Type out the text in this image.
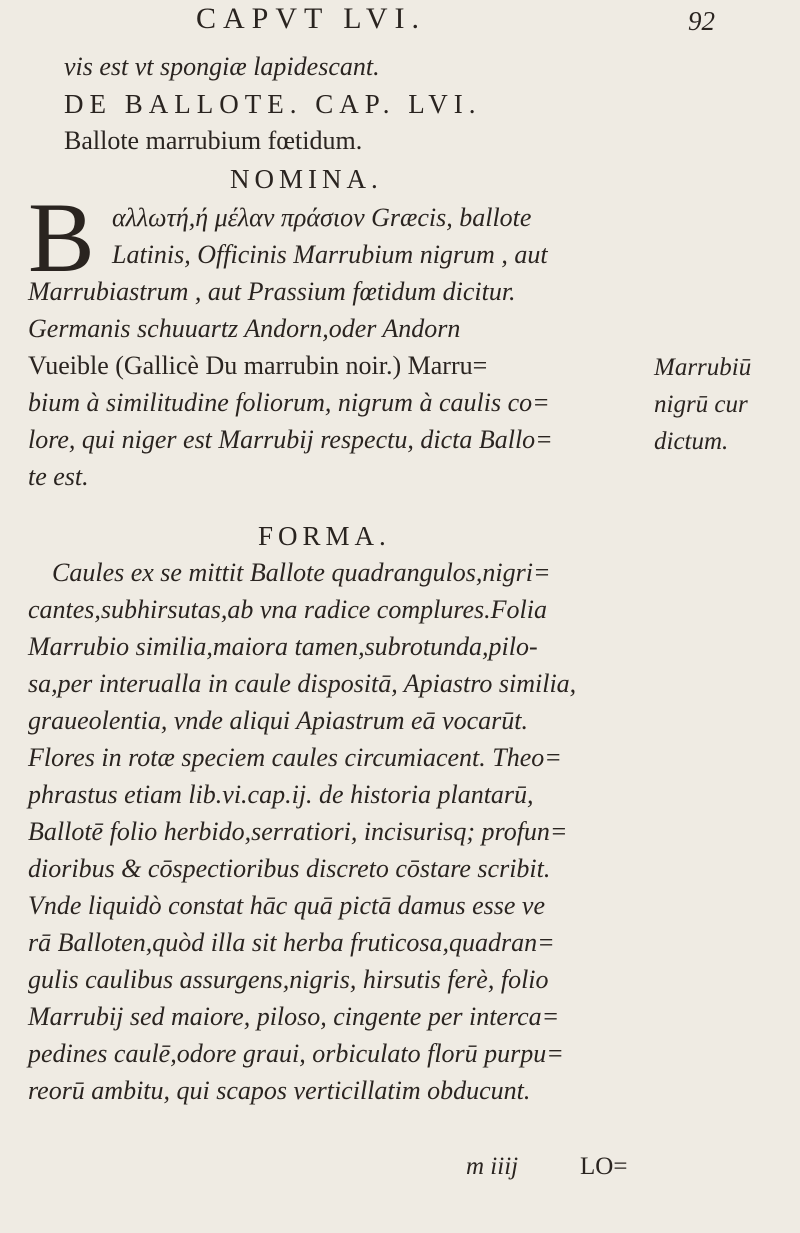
CAPVT LVI.	92
vis est vt spongiæ lapidescant.
DE BALLOTE. CAP. LVI.
Ballote marrubium fœtidum.
NOMINA.
B αλλωτή,ή μέλαν πράσιον Græcis, ballote
Latinis, Officinis Marrubium nigrum , aut
Marrubiastrum , aut Prassium fœtidum dicitur.
Germanis schuuartz Andorn,oder Andorn
Vueible (Gallicè Du marrubin noir.) Marru=
bium à similitudine foliorum, nigrum à caulis co=
lore, qui niger est Marrubij respectu, dicta Ballo=
te est.
Marrubiū
nigrū cur
dictum.
FORMA.
Caules ex se mittit Ballote quadrangulos,nigri=
cantes,subhirsutas,ab vna radice complures.Folia
Marrubio similia,maiora tamen,subrotunda,pilo-
sa,per interualla in caule dispositā, Apiastro similia,
graueolentia, vnde aliqui Apiastrum eā vocarūt.
Flores in rotæ speciem caules circumiacent. Theo=
phrastus etiam lib.vi.cap.ij. de historia plantarū,
Ballotē folio herbido,serratiori, incisurisq; profun=
dioribus & cōspectioribus discreto cōstare scribit.
Vnde liquidò constat hāc quā pictā damus esse ve
rā Balloten,quòd illa sit herba fruticosa,quadran=
gulis caulibus assurgens,nigris, hirsutis ferè, folio
Marrubij sed maiore, piloso, cingente per interca=
pedines caulē,odore graui, orbiculato florū purpu=
reorū ambitu, qui scapos verticillatim obducunt.
m iiij LO=
